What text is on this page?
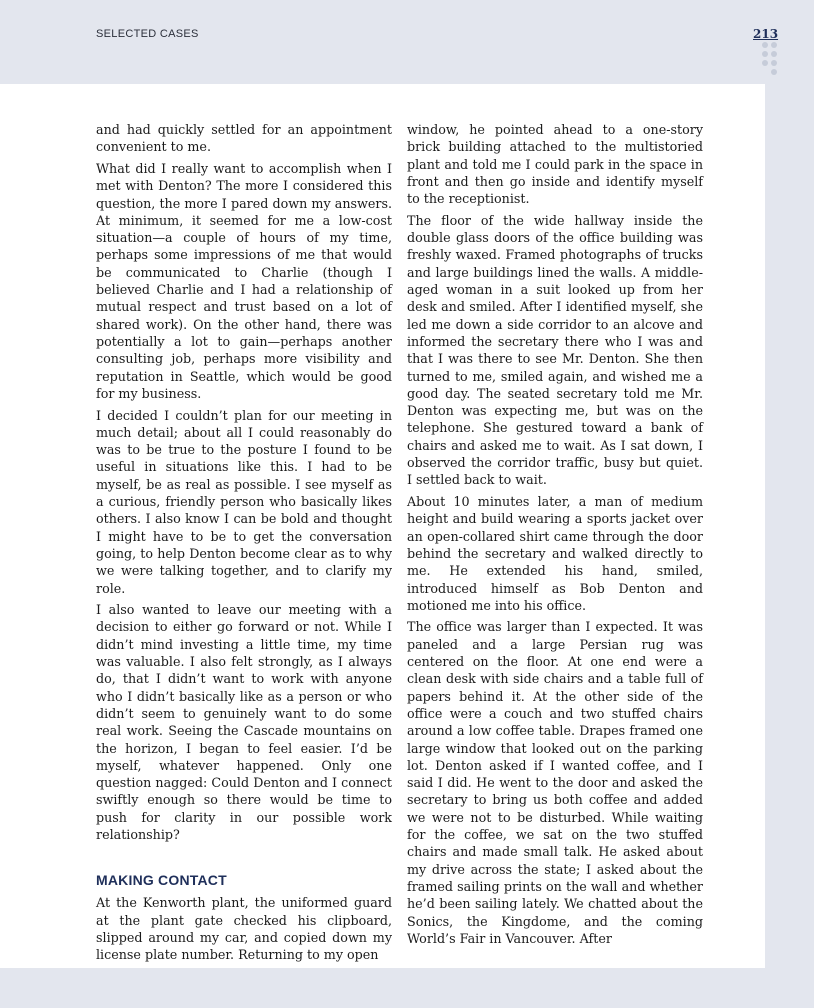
SELECTED CASES	213

and had quickly settled for an appointment convenient to me.

What did I really want to accomplish when I met with Denton? The more I considered this question, the more I pared down my answers. At minimum, it seemed for me a low-cost situation—a couple of hours of my time, perhaps some impressions of me that would be communicated to Charlie (though I believed Charlie and I had a relationship of mutual respect and trust based on a lot of shared work). On the other hand, there was potentially a lot to gain—perhaps another consulting job, perhaps more visibility and reputation in Seattle, which would be good for my business.

I decided I couldn’t plan for our meeting in much detail; about all I could reasonably do was to be true to the posture I found to be useful in situations like this. I had to be myself, be as real as possible. I see myself as a curious, friendly person who basically likes others. I also know I can be bold and thought I might have to be to get the conversation going, to help Denton become clear as to why we were talking together, and to clarify my role.

I also wanted to leave our meeting with a decision to either go forward or not. While I didn’t mind investing a little time, my time was valuable. I also felt strongly, as I always do, that I didn’t want to work with anyone who I didn’t basically like as a person or who didn’t seem to genuinely want to do some real work. Seeing the Cascade mountains on the horizon, I began to feel easier. I’d be myself, whatever happened. Only one question nagged: Could Denton and I connect swiftly enough so there would be time to push for clarity in our possible work relationship?

MAKING CONTACT

At the Kenworth plant, the uniformed guard at the plant gate checked his clipboard, slipped around my car, and copied down my license plate number. Returning to my open

window, he pointed ahead to a one-story brick building attached to the multistoried plant and told me I could park in the space in front and then go inside and identify myself to the receptionist.

The floor of the wide hallway inside the double glass doors of the office building was freshly waxed. Framed photographs of trucks and large buildings lined the walls. A middle-aged woman in a suit looked up from her desk and smiled. After I identified myself, she led me down a side corridor to an alcove and informed the secretary there who I was and that I was there to see Mr. Denton. She then turned to me, smiled again, and wished me a good day. The seated secretary told me Mr. Denton was expecting me, but was on the telephone. She gestured toward a bank of chairs and asked me to wait. As I sat down, I observed the corridor traffic, busy but quiet. I settled back to wait.

About 10 minutes later, a man of medium height and build wearing a sports jacket over an open-collared shirt came through the door behind the secretary and walked directly to me. He extended his hand, smiled, introduced himself as Bob Denton and motioned me into his office.

The office was larger than I expected. It was paneled and a large Persian rug was centered on the floor. At one end were a clean desk with side chairs and a table full of papers behind it. At the other side of the office were a couch and two stuffed chairs around a low coffee table. Drapes framed one large window that looked out on the parking lot. Denton asked if I wanted coffee, and I said I did. He went to the door and asked the secretary to bring us both coffee and added we were not to be disturbed. While waiting for the coffee, we sat on the two stuffed chairs and made small talk. He asked about my drive across the state; I asked about the framed sailing prints on the wall and whether he’d been sailing lately. We chatted about the Sonics, the Kingdome, and the coming World’s Fair in Vancouver. After
